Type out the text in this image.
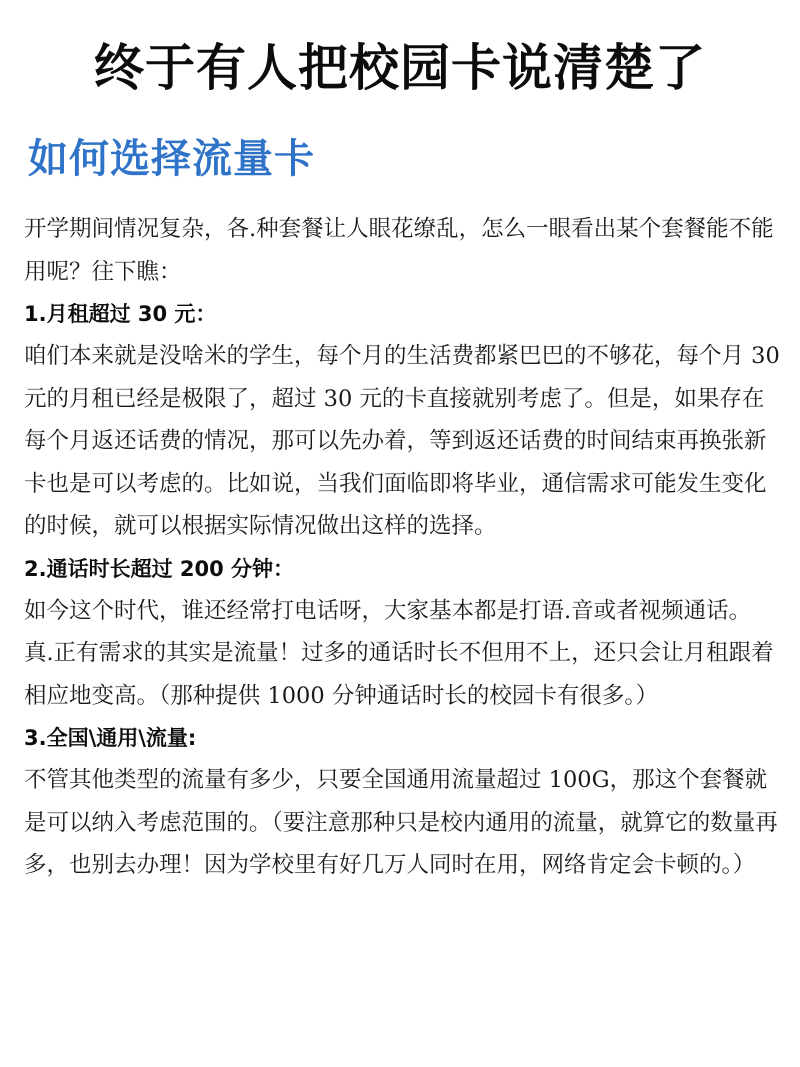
终于有人把校园卡说清楚了
如何选择流量卡

开学期间情况复杂，各.种套餐让人眼花缭乱，怎么一眼看出某个套餐能不能用呢？往下瞧：

1.月租超过 30 元：

咱们本来就是没啥米的学生，每个月的生活费都紧巴巴的不够花，每个月 30 元的月租已经是极限了，超过 30 元的卡直接就别考虑了。但是，如果存在每个月返还话费的情况，那可以先办着，等到返还话费的时间结束再换张新卡也是可以考虑的。比如说，当我们面临即将毕业，通信需求可能发生变化的时候，就可以根据实际情况做出这样的选择。

2.通话时长超过 200 分钟：

如今这个时代，谁还经常打电话呀，大家基本都是打语.音或者视频通话。真.正有需求的其实是流量！过多的通话时长不但用不上，还只会让月租跟着相应地变高。（那种提供 1000 分钟通话时长的校园卡有很多。）

3.全国\通用\流量:

不管其他类型的流量有多少，只要全国通用流量超过 100G，那这个套餐就是可以纳入考虑范围的。（要注意那种只是校内通用的流量，就算它的数量再多，也别去办理！因为学校里有好几万人同时在用，网络肯定会卡顿的。）
